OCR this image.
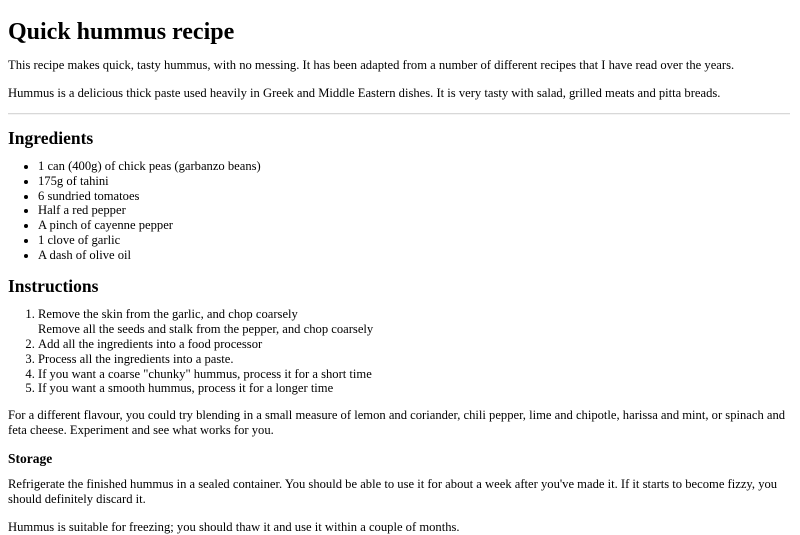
Quick hummus recipe

This recipe makes quick, tasty hummus, with no messing. It has been adapted from a number of different recipes that I have read over the years.

Hummus is a delicious thick paste used heavily in Greek and Middle Eastern dishes. It is very tasty with salad, grilled meats and pitta breads.

Ingredients
• 1 can (400g) of chick peas (garbanzo beans)
• 175g of tahini
• 6 sundried tomatoes
• Half a red pepper
• A pinch of cayenne pepper
• 1 clove of garlic
• A dash of olive oil
Instructions
1. Remove the skin from the garlic, and chop coarsely
Remove all the seeds and stalk from the pepper, and chop coarsely
2. Add all the ingredients into a food processor
3. Process all the ingredients into a paste.
4. If you want a coarse "chunky" hummus, process it for a short time
5. If you want a smooth hummus, process it for a longer time

For a different flavour, you could try blending in a small measure of lemon and coriander, chili pepper, lime and chipotle, harissa and mint, or spinach and feta cheese. Experiment and see what works for you.

Storage

Refrigerate the finished hummus in a sealed container. You should be able to use it for about a week after you've made it. If it starts to become fizzy, you should definitely discard it.

Hummus is suitable for freezing; you should thaw it and use it within a couple of months.
